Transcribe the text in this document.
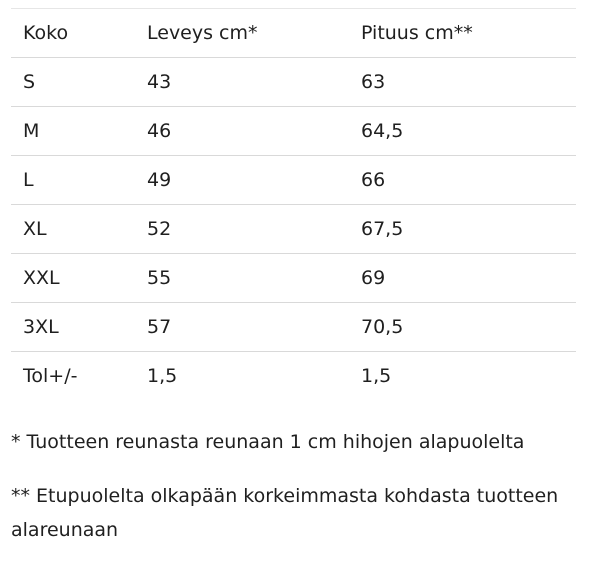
Koko	Leveys cm*	Pituus cm**
S	43	63
M	46	64,5
L	49	66
XL	52	67,5
XXL	55	69
3XL	57	70,5
Tol+/-	1,5	1,5

* Tuotteen reunasta reunaan 1 cm hihojen alapuolelta

** Etupuolelta olkapään korkeimmasta kohdasta tuotteen alareunaan
